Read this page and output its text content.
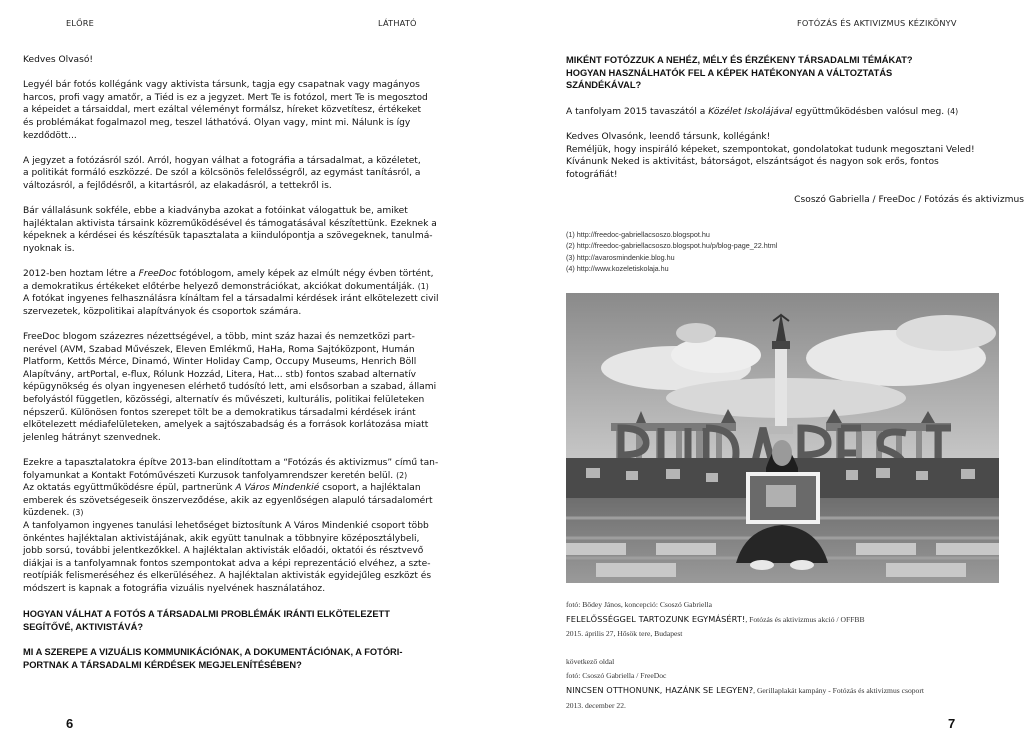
ELŐRE	LÁTHATÓ

Kedves Olvasó!

Legyél bár fotós kollégánk vagy aktivista társunk, tagja egy csapatnak vagy magányos
harcos, profi vagy amatőr, a Tiéd is ez a jegyzet. Mert Te is fotózol, mert Te is megosztod
a képeidet a társaiddal, mert ezáltal véleményt formálsz, híreket közvetítesz, értékeket
és problémákat fogalmazol meg, teszel láthatóvá. Olyan vagy, mint mi. Nálunk is így
kezdődött...

A jegyzet a fotózásról szól. Arról, hogyan válhat a fotográfia a társadalmat, a közéletet,
a politikát formáló eszközzé. De szól a kölcsönös felelősségről, az egymást tanításról, a
változásról, a fejlődésről, a kitartásról, az elakadásról, a tettekről is.

Bár vállalásunk sokféle, ebbe a kiadványba azokat a fotóinkat válogattuk be, amiket
hajléktalan aktivista társaink közreműködésével és támogatásával készítettünk. Ezeknek a
képeknek a kérdései és készítésük tapasztalata a kiindulópontja a szövegeknek, tanulmá-
nyoknak is.

2012-ben hoztam létre a FreeDoc fotóblogom, amely képek az elmúlt négy évben történt,
a demokratikus értékeket előtérbe helyező demonstrációkat, akciókat dokumentálják. (1)
A fotókat ingyenes felhasználásra kínáltam fel a társadalmi kérdések iránt elkötelezett civil
szervezetek, közpolitikai alapítványok és csoportok számára.

FreeDoc blogom százezres nézettségével, a több, mint száz hazai és nemzetközi part-
nerével (AVM, Szabad Művészek, Eleven Emlékmű, HaHa, Roma Sajtóközpont, Humán
Platform, Kettős Mérce, Dinamó, Winter Holiday Camp, Occupy Museums, Henrich Böll
Alapítvány, artPortal, e-flux, Rólunk Hozzád, Litera, Hat... stb) fontos szabad alternatív
képügynökség és olyan ingyenesen elérhető tudósító lett, ami elsősorban a szabad, állami
befolyástól független, közösségi, alternatív és művészeti, kulturális, politikai felületeken
népszerű. Különösen fontos szerepet tölt be a demokratikus társadalmi kérdések iránt
elkötelezett médiafelületeken, amelyek a sajtószabadság és a források korlátozása miatt
jelenleg hátrányt szenvednek.

Ezekre a tapasztalatokra építve 2013-ban elindítottam a “Fotózás és aktivizmus” című tan-
folyamunkat a Kontakt Fotóművészeti Kurzusok tanfolyamrendszer keretén belül. (2)
Az oktatás együttműködésre épül, partnerünk A Város Mindenkié csoport, a hajléktalan
emberek és szövetségeseik önszerveződése, akik az egyenlőségen alapuló társadalomért
küzdenek. (3)
A tanfolyamon ingyenes tanulási lehetőséget biztosítunk A Város Mindenkié csoport több
önkéntes hajléktalan aktivistájának, akik együtt tanulnak a többnyire középosztálybeli,
jobb sorsú, további jelentkezőkkel. A hajléktalan aktivisták előadói, oktatói és résztvevő
diákjai is a tanfolyamnak fontos szempontokat adva a képi reprezentáció elvéhez, a szte-
reotípiák felismeréséhez és elkerüléséhez. A hajléktalan aktivisták egyidejűleg eszközt és
módszert is kapnak a fotográfia vizuális nyelvének használatához.

HOGYAN VÁLHAT A FOTÓS A TÁRSADALMI PROBLÉMÁK IRÁNTI ELKÖTELEZETT
SEGÍTŐVÉ, AKTIVISTÁVÁ?
MI A SZEREPE A VIZUÁLIS KOMMUNIKÁCIÓNAK, A DOKUMENTÁCIÓNAK, A FOTÓRI-
PORTNAK A TÁRSADALMI KÉRDÉSEK MEGJELENÍTÉSÉBEN?
6
FOTÓZÁS ÉS AKTIVIZMUS KÉZIKÖNYV
MIKÉNT FOTÓZZUK A NEHÉZ, MÉLY ÉS ÉRZÉKENY TÁRSADALMI TÉMÁKAT?
HOGYAN HASZNÁLHATÓK FEL A KÉPEK HATÉKONYAN A VÁLTOZTATÁS
SZÁNDÉKÁVAL?

A tanfolyam 2015 tavaszától a Közélet Iskolájával együttműködésben valósul meg. (4)

Kedves Olvasónk, leendő társunk, kollégánk!
Reméljük, hogy inspiráló képeket, szempontokat, gondolatokat tudunk megosztani Veled!
Kívánunk Neked is aktivitást, bátorságot, elszántságot és nagyon sok erős, fontos
fotográfiát!

Csoszó Gabriella / FreeDoc / Fotózás és aktivizmus

(1) http://freedoc-gabriellacsoszo.blogspot.hu
(2) http://freedoc-gabriellacsoszo.blogspot.hu/p/blog-page_22.html
(3) http://avarosmindenkie.blog.hu
(4) http://www.kozeletiskolaja.hu
fotó: Bődey János, koncepció: Csoszó Gabriella
FELELŐSSÉGGEL TARTOZUNK EGYMÁSÉRT!, Fotózás és aktivizmus akció / OFFBB
2015. április 27, Hősök tere, Budapest
következő oldal
fotó: Csoszó Gabriella / FreeDoc
NINCSEN OTTHONUNK, HAZÁNK SE LEGYEN?, Gerillaplakát kampány - Fotózás és aktivizmus csoport
2013. december 22.
7
